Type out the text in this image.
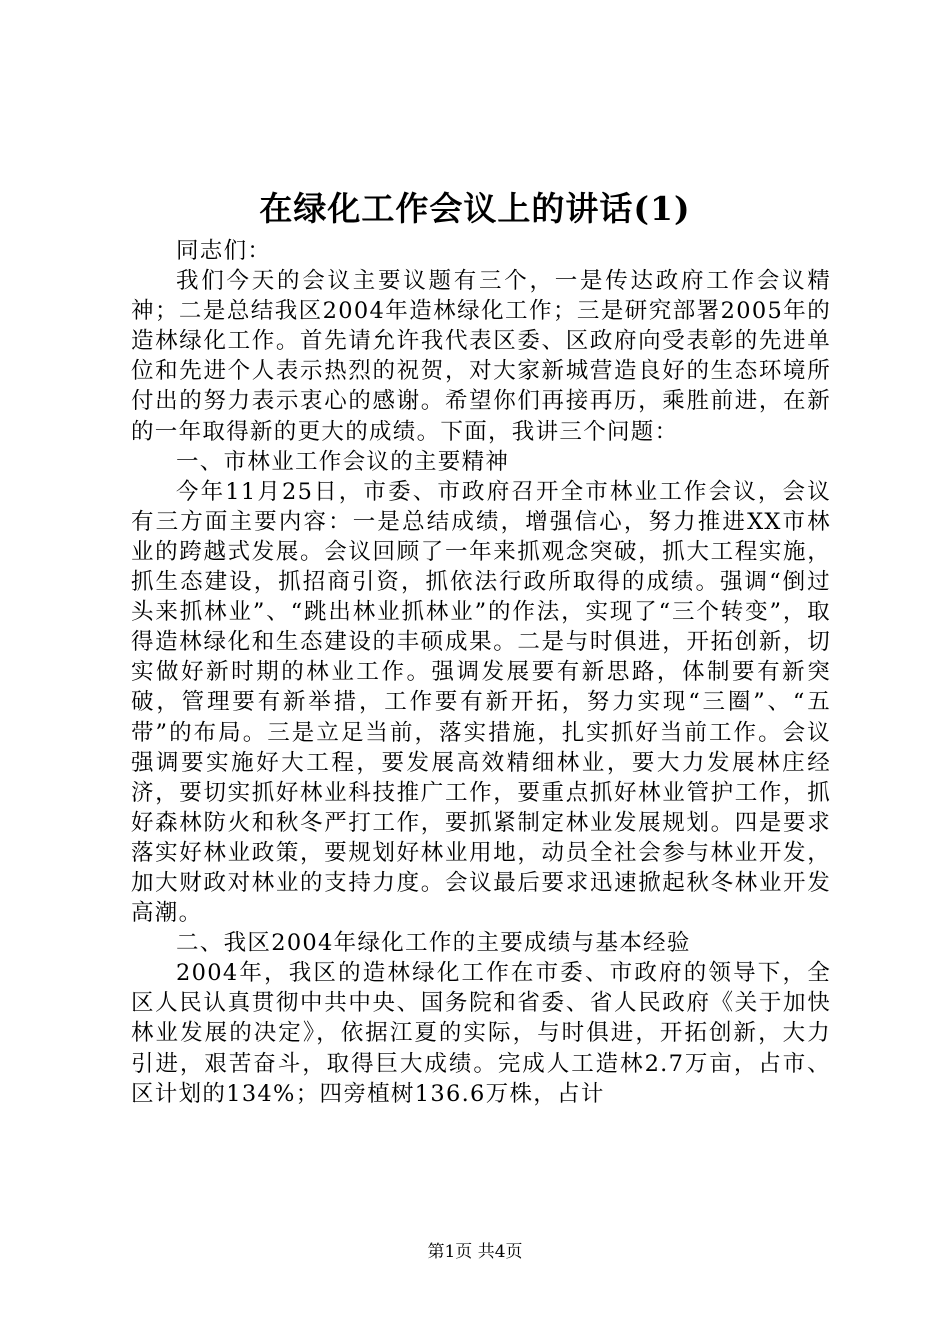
在绿化工作会议上的讲话(1)

同志们：

我们今天的会议主要议题有三个，一是传达政府工作会议精神；二是总结我区2004年造林绿化工作；三是研究部署2005年的造林绿化工作。首先请允许我代表区委、区政府向受表彰的先进单位和先进个人表示热烈的祝贺，对大家新城营造良好的生态环境所付出的努力表示衷心的感谢。希望你们再接再历，乘胜前进，在新的一年取得新的更大的成绩。下面，我讲三个问题：

一、市林业工作会议的主要精神

今年11月25日，市委、市政府召开全市林业工作会议，会议有三方面主要内容：一是总结成绩，增强信心，努力推进XX市林业的跨越式发展。会议回顾了一年来抓观念突破，抓大工程实施，抓生态建设，抓招商引资，抓依法行政所取得的成绩。强调“倒过头来抓林业”、“跳出林业抓林业”的作法，实现了“三个转变”，取得造林绿化和生态建设的丰硕成果。二是与时俱进，开拓创新，切实做好新时期的林业工作。强调发展要有新思路，体制要有新突破，管理要有新举措，工作要有新开拓，努力实现“三圈”、“五带”的布局。三是立足当前，落实措施，扎实抓好当前工作。会议强调要实施好大工程，要发展高效精细林业，要大力发展林庄经济，要切实抓好林业科技推广工作，要重点抓好林业管护工作，抓好森林防火和秋冬严打工作，要抓紧制定林业发展规划。四是要求落实好林业政策，要规划好林业用地，动员全社会参与林业开发，加大财政对林业的支持力度。会议最后要求迅速掀起秋冬林业开发高潮。

二、我区2004年绿化工作的主要成绩与基本经验

2004年，我区的造林绿化工作在市委、市政府的领导下，全区人民认真贯彻中共中央、国务院和省委、省人民政府《关于加快林业发展的决定》，依据江夏的实际，与时俱进，开拓创新，大力引进，艰苦奋斗，取得巨大成绩。完成人工造林2.7万亩，占市、区计划的134%；四旁植树136.6万株，占计

第1页 共4页
